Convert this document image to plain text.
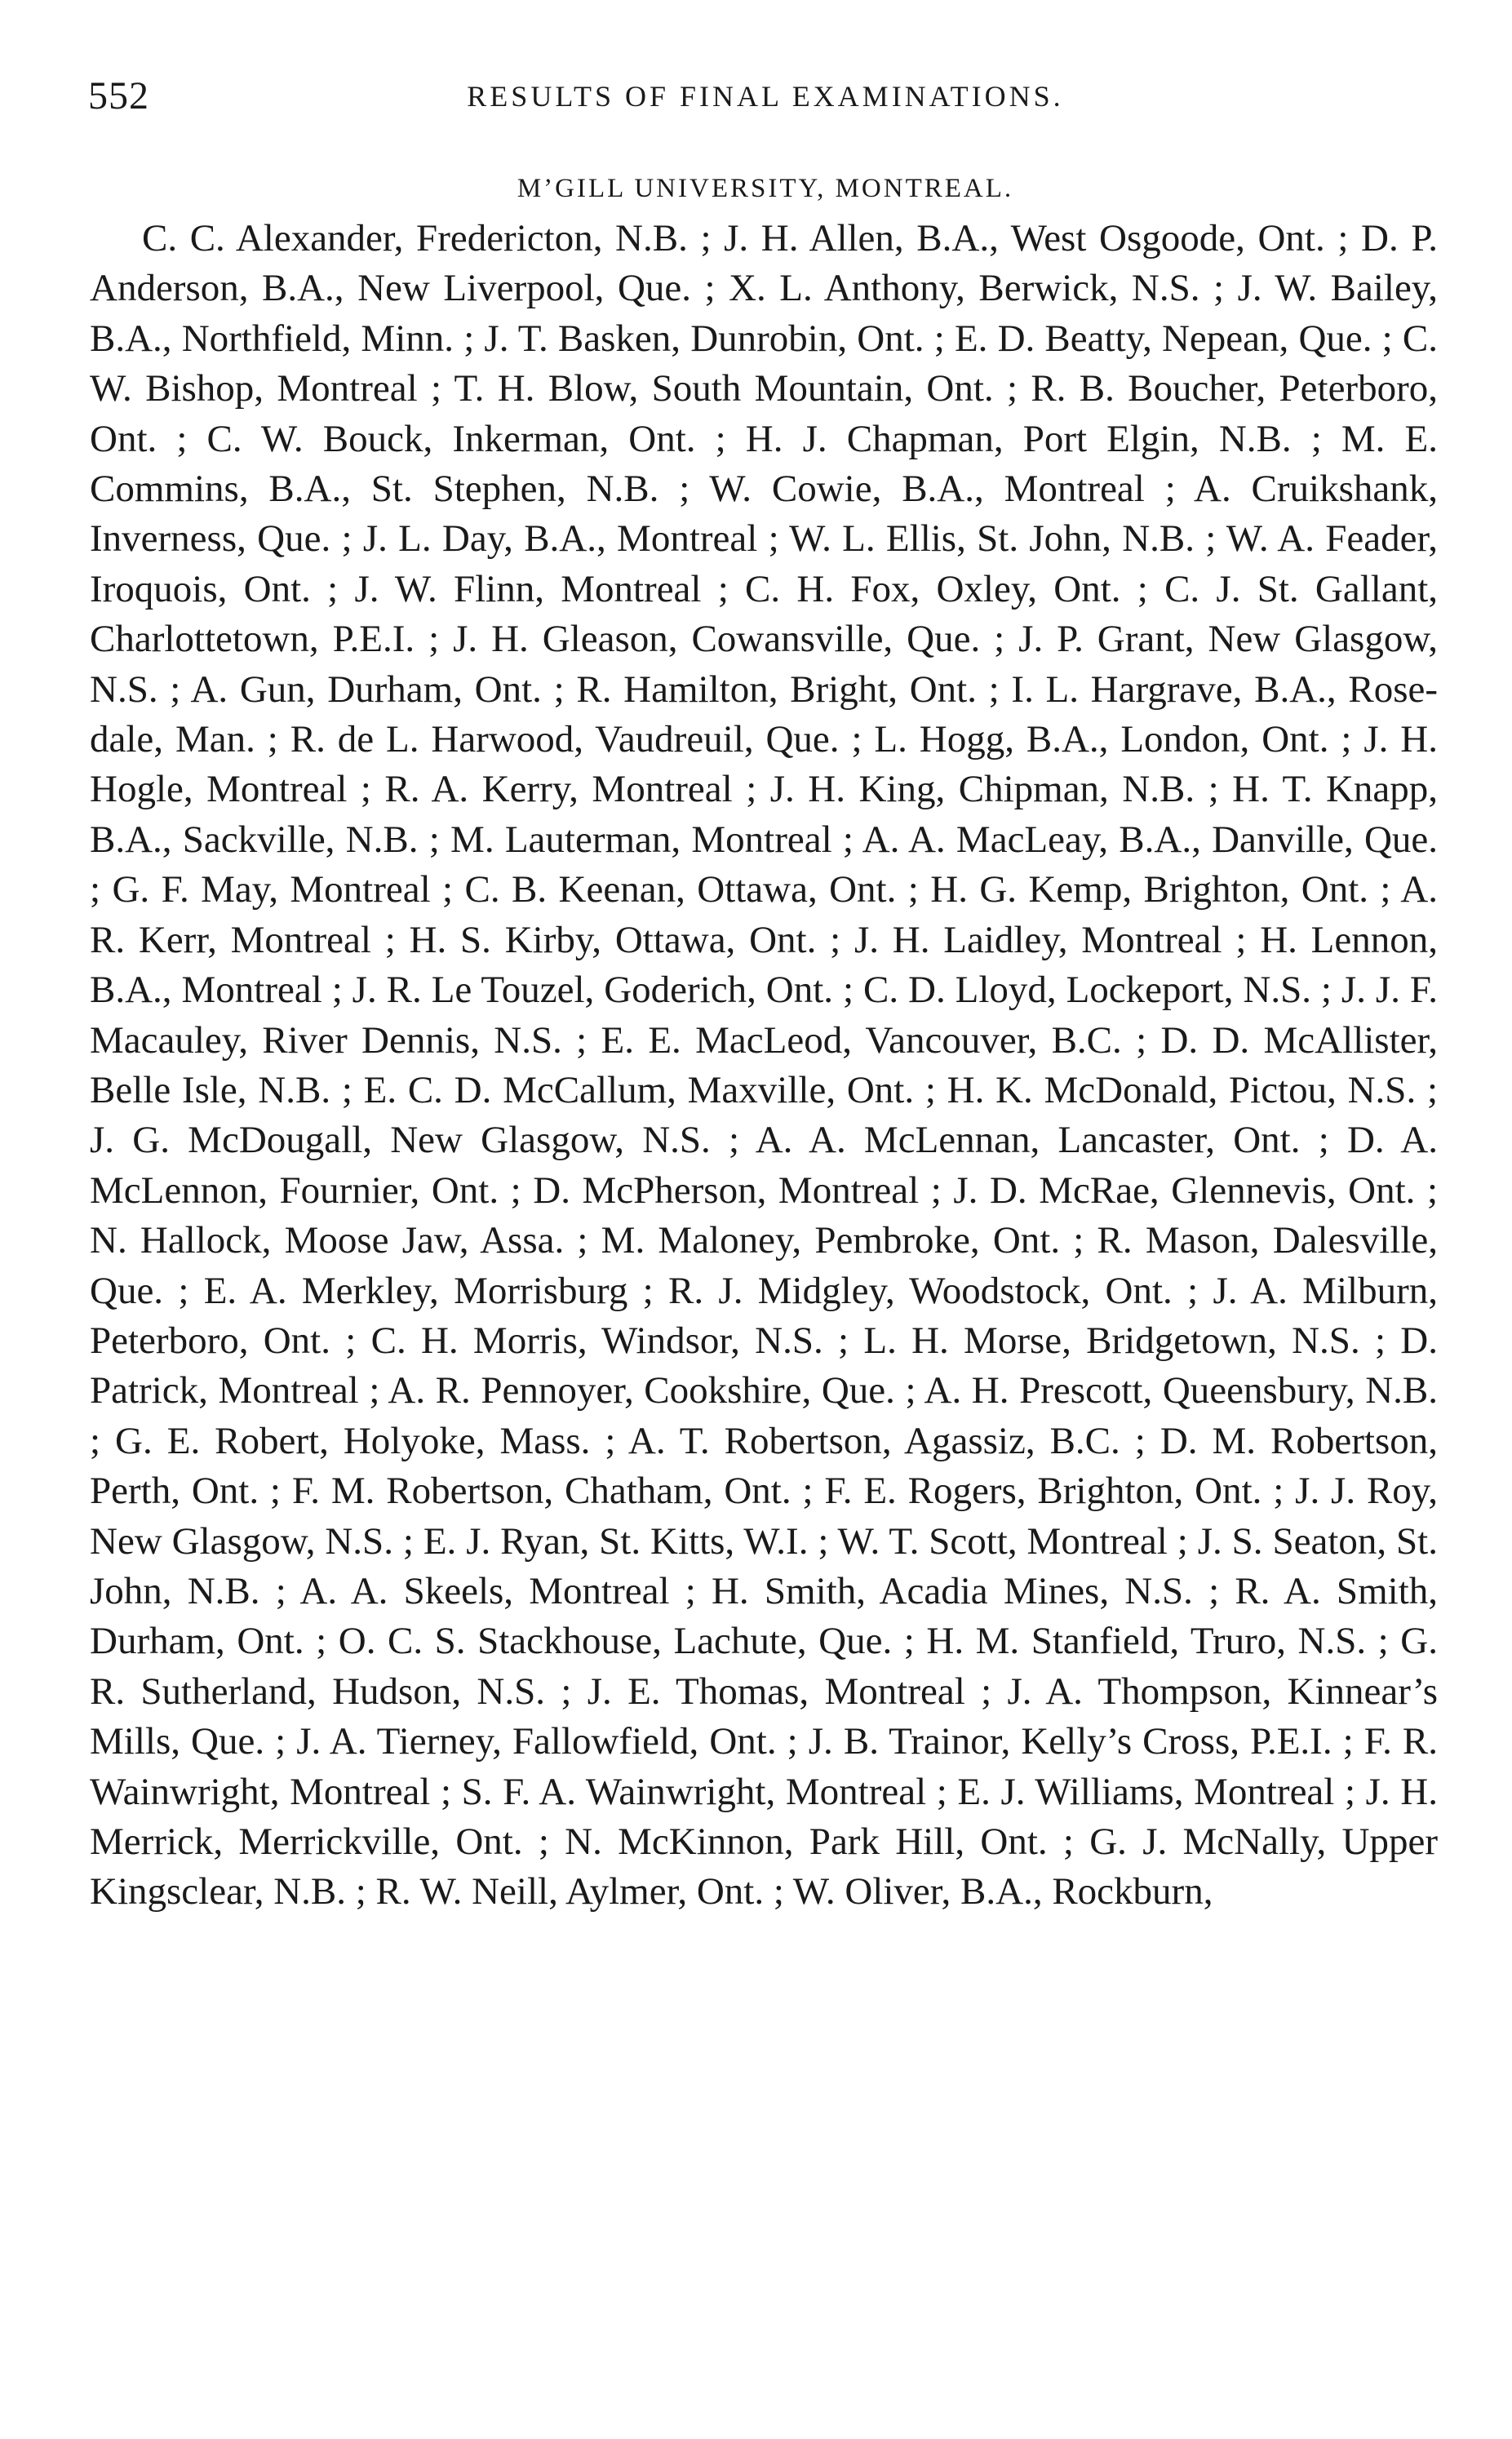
552	RESULTS OF FINAL EXAMINATIONS.
M’GILL UNIVERSITY, MONTREAL.

C. C. Alexander, Fredericton, N.B. ; J. H. Allen, B.A., West Osgoode, Ont. ; D. P. Anderson, B.A., New Liverpool, Que. ; X. L. Anthony, Berwick, N.S. ; J. W. Bailey, B.A., Northfield, Minn. ; J. T. Basken, Dunrobin, Ont. ; E. D. Beatty, Nepean, Que. ; C. W. Bishop, Montreal ; T. H. Blow, South Mountain, Ont. ; R. B. Boucher, Peterboro, Ont. ; C. W. Bouck, Inkerman, Ont. ; H. J. Chapman, Port Elgin, N.B. ; M. E. Commins, B.A., St. Stephen, N.B. ; W. Cowie, B.A., Montreal ; A. Cruikshank, Inverness, Que. ; J. L. Day, B.A., Montreal ; W. L. Ellis, St. John, N.B. ; W. A. Feader, Iroquois, Ont. ; J. W. Flinn, Montreal ; C. H. Fox, Oxley, Ont. ; C. J. St. Gallant, Charlottetown, P.E.I. ; J. H. Gleason, Cowansville, Que. ; J. P. Grant, New Glasgow, N.S. ; A. Gun, Durham, Ont. ; R. Hamilton, Bright, Ont. ; I. L. Hargrave, B.A., Rosedale, Man. ; R. de L. Harwood, Vaudreuil, Que. ; L. Hogg, B.A., London, Ont. ; J. H. Hogle, Montreal ; R. A. Kerry, Montreal ; J. H. King, Chipman, N.B. ; H. T. Knapp, B.A., Sackville, N.B. ; M. Lauterman, Montreal ; A. A. MacLeay, B.A., Danville, Que. ; G. F. May, Montreal ; C. B. Keenan, Ottawa, Ont. ; H. G. Kemp, Brighton, Ont. ; A. R. Kerr, Montreal ; H. S. Kirby, Ottawa, Ont. ; J. H. Laidley, Montreal ; H. Lennon, B.A., Montreal ; J. R. Le Touzel, Goderich, Ont. ; C. D. Lloyd, Lockeport, N.S. ; J. J. F. Macauley, River Dennis, N.S. ; E. E. MacLeod, Vancouver, B.C. ; D. D. McAllister, Belle Isle, N.B. ; E. C. D. McCallum, Maxville, Ont. ; H. K. McDonald, Pictou, N.S. ; J. G. McDougall, New Glasgow, N.S. ; A. A. McLennan, Lancaster, Ont. ; D. A. McLennon, Fournier, Ont. ; D. McPherson, Montreal ; J. D. McRae, Glennevis, Ont. ; N. Hallock, Moose Jaw, Assa. ; M. Maloney, Pembroke, Ont. ; R. Mason, Dalesville, Que. ; E. A. Merkley, Morrisburg ; R. J. Midgley, Woodstock, Ont. ; J. A. Milburn, Peterboro, Ont. ; C. H. Morris, Windsor, N.S. ; L. H. Morse, Bridgetown, N.S. ; D. Patrick, Montreal ; A. R. Pennoyer, Cookshire, Que. ; A. H. Prescott, Queensbury, N.B. ; G. E. Robert, Holyoke, Mass. ; A. T. Robertson, Agassiz, B.C. ; D. M. Robertson, Perth, Ont. ; F. M. Robertson, Chatham, Ont. ; F. E. Rogers, Brighton, Ont. ; J. J. Roy, New Glasgow, N.S. ; E. J. Ryan, St. Kitts, W.I. ; W. T. Scott, Montreal ; J. S. Seaton, St. John, N.B. ; A. A. Skeels, Montreal ; H. Smith, Acadia Mines, N.S. ; R. A. Smith, Durham, Ont. ; O. C. S. Stackhouse, Lachute, Que. ; H. M. Stanfield, Truro, N.S. ; G. R. Sutherland, Hudson, N.S. ; J. E. Thomas, Montreal ; J. A. Thompson, Kinnear’s Mills, Que. ; J. A. Tierney, Fallowfield, Ont. ; J. B. Trainor, Kelly’s Cross, P.E.I. ; F. R. Wainwright, Montreal ; S. F. A. Wainwright, Montreal ; E. J. Williams, Montreal ; J. H. Merrick, Merrickville, Ont. ; N. McKinnon, Park Hill, Ont. ; G. J. McNally, Upper Kingsclear, N.B. ; R. W. Neill, Aylmer, Ont. ; W. Oliver, B.A., Rockburn,
